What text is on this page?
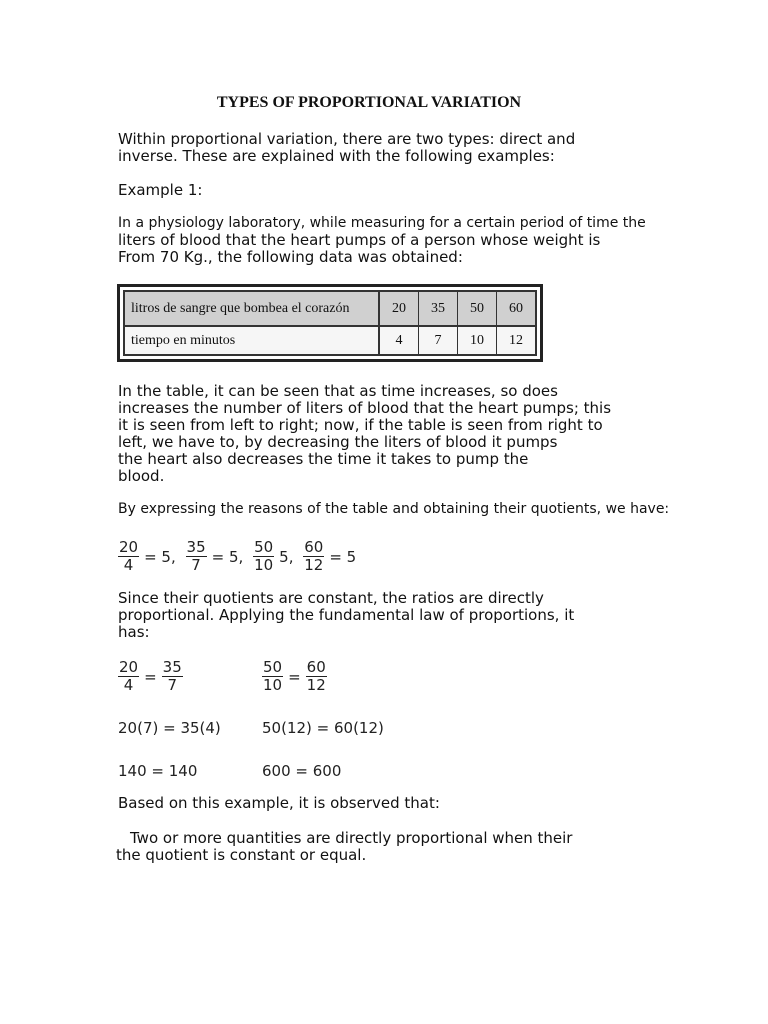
TYPES OF PROPORTIONAL VARIATION
Within proportional variation, there are two types: direct and
inverse. These are explained with the following examples:
Example 1:
In a physiology laboratory, while measuring for a certain period of time the
liters of blood that the heart pumps of a person whose weight is
From 70 Kg., the following data was obtained:
litros de sangre que bombea el corazón	20	35	50	60
tiempo en minutos	4	7	10	12
In the table, it can be seen that as time increases, so does
increases the number of liters of blood that the heart pumps; this
it is seen from left to right; now, if the table is seen from right to
left, we have to, by decreasing the liters of blood it pumps
the heart also decreases the time it takes to pump the
blood.
By expressing the reasons of the table and obtaining their quotients, we have:
$\frac{20}{4} = 5$, $\frac{35}{7} = 5$, $\frac{50}{10} 5$, $\frac{60}{12} = 5$
Since their quotients are constant, the ratios are directly
proportional. Applying the fundamental law of proportions, it
has:
$\frac{20}{4} = \frac{35}{7}$	$\frac{50}{10} = \frac{60}{12}$
20(7) = 35(4)	50(12) = 60(12)
140 = 140	600 = 600
Based on this example, it is observed that:
Two or more quantities are directly proportional when their
the quotient is constant or equal.
